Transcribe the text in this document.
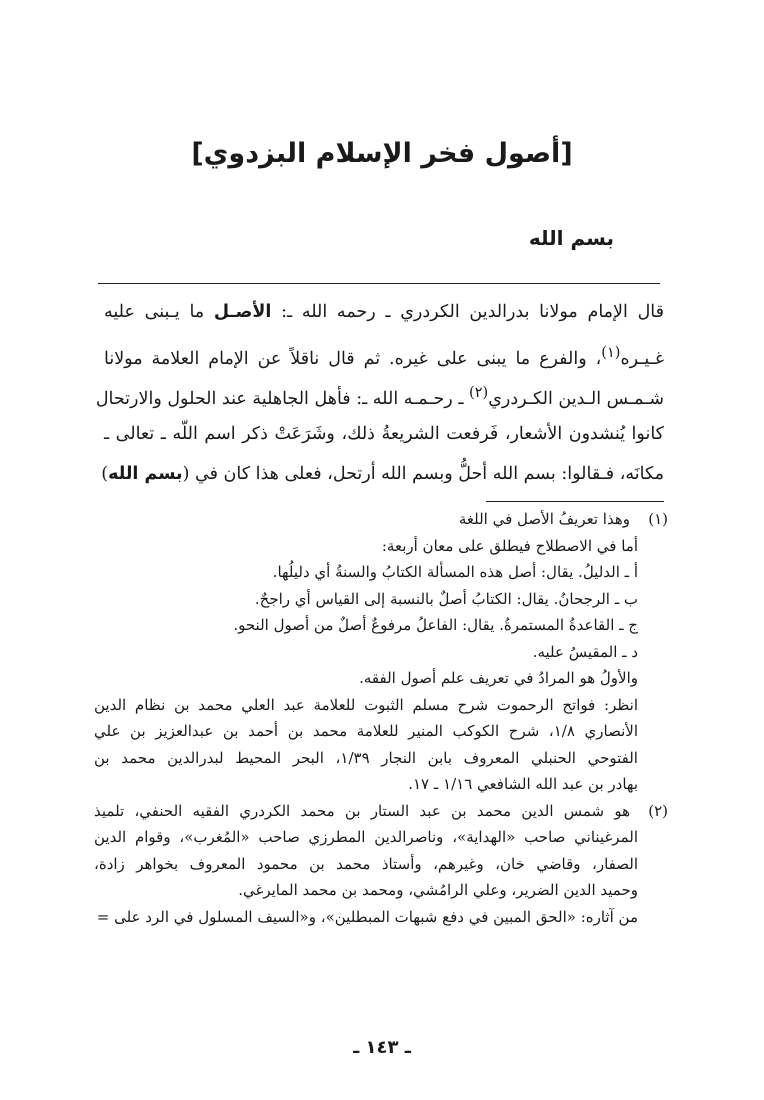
[أصول فخر الإسلام البزدوي]
بسم الله
قال الإمام مولانا بدرالدين الكردري ـ رحمه الله ـ: الأصـل ما يـبنى عليه
غـيـره$^{(١)}$، والفرع ما يبنى على غيره. ثم قال ناقلاً عن الإمام العلامة مولانا
شـمـس الـدين الكـردري$^{(٢)}$ ـ رحـمـه الله ـ: فأهل الجاهلية عند الحلول والارتحال
كانوا يُنشدون الأشعار، فَرفعت الشريعةُ ذلك، وشَرَعَتْ ذكر اسم اللّه ـ تعالى ـ
مكانَه، فـقالوا: بسم الله أحلُّ وبسم الله أرتحل، فعلى هذا كان في (بسم الله)
(١)
وهذا تعريفُ الأصل في اللغة
أما في الاصطلاح فيطلق على معان أربعة:
أ ـ الدليلُ. يقال: أصل هذه المسألة الكتابُ والسنةُ أي دليلُها.
ب ـ الرجحانُ. يقال: الكتابُ أصلٌ بالنسبة إلى القياس أي راجحٌ.
ج ـ القاعدةُ المستمرةُ. يقال: الفاعلُ مرفوعٌ أصلٌ من أصول النحو.
د ـ المقيسُ عليه.
والأولُ هو المرادُ في تعريف علم أصول الفقه.
انظر: فواتح الرحموت شرح مسلم الثبوت للعلامة عبد العلي محمد بن نظام الدين
الأنصاري ١/٨، شرح الكوكب المنير للعلامة محمد بن أحمد بن عبدالعزيز بن علي
الفتوحي الحنبلي المعروف بابن النجار ١/٣٩، البحر المحيط لبدرالدين محمد بن
بهادر بن عبد الله الشافعي ١/١٦ ـ ١٧.
(٢)
هو شمس الدين محمد بن عبد الستار بن محمد الكردري الفقيه الحنفي، تلميذ
المرغيناني صاحب «الهداية»، وناصرالدين المطرزي صاحب «المُغرب»، وقوام الدين
الصفار، وقاضي خان، وغيرهم، وأستاذ محمد بن محمود المعروف بخواهر زادة،
وحميد الدين الضرير، وعلي الرامُشي، ومحمد بن محمد المايرغي.
من آثاره: «الحق المبين في دفع شبهات المبطلين»، و«السيف المسلول في الرد على =
ـ ١٤٣ ـ
